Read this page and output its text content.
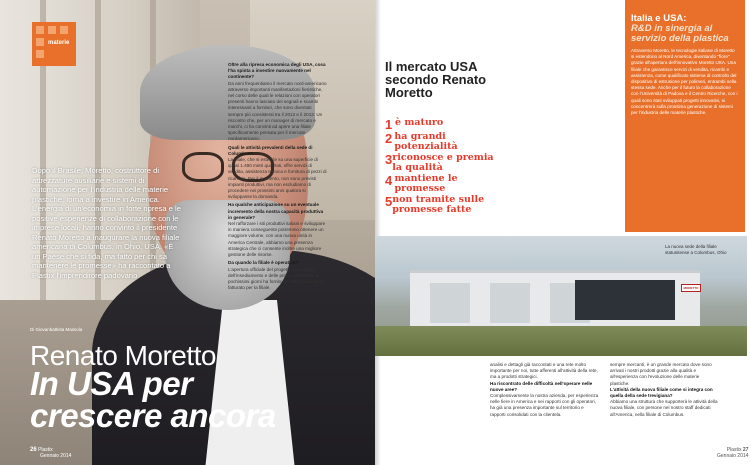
materie

Oltre alla ripresa economica degli USA, cosa l'ha spinta a investire nuovamente nel continente?

Da anni frequentiamo il mercato nord-americano attraverso importanti manifestazioni fieristiche, nel corso delle quali le relazioni con operatori presenti hanno lasciato dei segnali e scambi interessanti a fornitori, che sono diventati sempre più consistenti tra il 2012 e il 2013. Un riscontro che, per un manager di mercato e marchi, ci ha convinti ad aprire una filiale specificamente pensata per il mercato nordamericano.

Quali le attività prevalenti della sede di Columbus?

La filiale, che si estende su una superficie di quasi 1.480 metri quadrati, offre servizi di vendita, assistenza tecnica e fornitura di pezzi di ricambio. Per il momento, non sono previsti impianti produttivi, ma non escludiamo di procedere nei prossimi anni qualora si sviluppasse la domanda.

Ha qualche anticipazione su un eventuale incremento della nostra capacità produttiva in generale?

Nel rafforzare i siti produttivi italiani e sviluppare in maniera conseguente potremmo ottenere un maggiore volume, con una nuova unità in America Centrale, abbiamo una presenza strategica che ci consente inoltre una migliore gestione delle risorse.

Da quando la filiale è operativa?

L'apertura ufficiale del progetto, lo sviluppo dell'insediamento e delle prime commesse in pochissimi giorni ha fornito un ottimo volume di fatturato per la filiale.

Dopo il Brasile, Moretto, costruttore di attrezzature ausiliarie e sistemi di automazione per l'industria delle materie plastiche, torna a investire in America. L'energia di un'economia in forte ripresa e le positive esperienze di collaborazione con le imprese locali, hanno convinto il presidente Renato Moretto a inaugurare la nuova filiale americana di Columbus, in Ohio, USA. «È un Paese che si fida, ma fatto per chi sa mantenere le promesse» ha raccontato a Plastix l'imprenditore padovano

Di Giovanbattista Massola
Renato Moretto
In USA per
crescere ancora
26 Plastix
Gennaio 2014
Il mercato USA secondo Renato Moretto
1 è maturo
2 ha grandi potenzialità
3 riconosce e premia la qualità
4 mantiene le promesse
5 non tramite sulle promesse fatte
Italia e USA:
R&D in sinergia al servizio della plastica

Attraverso Moretto, le tecnologie italiane di Moretto si estendono al Nord America, diventando "fiore" grazie all'apertura dell'innovativo Moretto USA. Una filiale che garantisce servizi di vendita, ricambi e assistenza, come qualificato sistema di controllo del dispositivo di estrusione per polimeri, entrambi nella stessa sede. Anche per il futuro la collaborazione con l'Università di Padova e il Centro Ricerche, con i quali sono stati sviluppati progetti innovativi, si concentrerà sulla prossima generazione di sistemi per l'industria delle materie plastiche.

MORETTO
La nuova sede della filiale statunitense a Columbus, Ohio

analisi e dettagli già raccontati e una rete molto importante per noi, tutte afferenti all'attività della rete, ma a prodotti strategici.

Ha riscontrato delle difficoltà nell'operare nelle nuove aree?

Complessivamente la nostra azienda, per esperienza nelle fiere in America e nei rapporti con gli operatori, ha già una presenza importante sul territorio e rapporti consolidati con la clientela.

sempre mercanti, è un grande mercato dove sono arrivati i nostri prodotti grazie alla qualità e all'esperienza con l'evoluzione delle materie plastiche.

L'attività della nuova filiale come si integra con quella della sede trevigiana?

Abbiamo una struttura che supporterà le attività della nuova filiale, con persone nel nostro staff dedicati all'America, nella filiale di Columbus.

Plastix 27
Gennaio 2014
